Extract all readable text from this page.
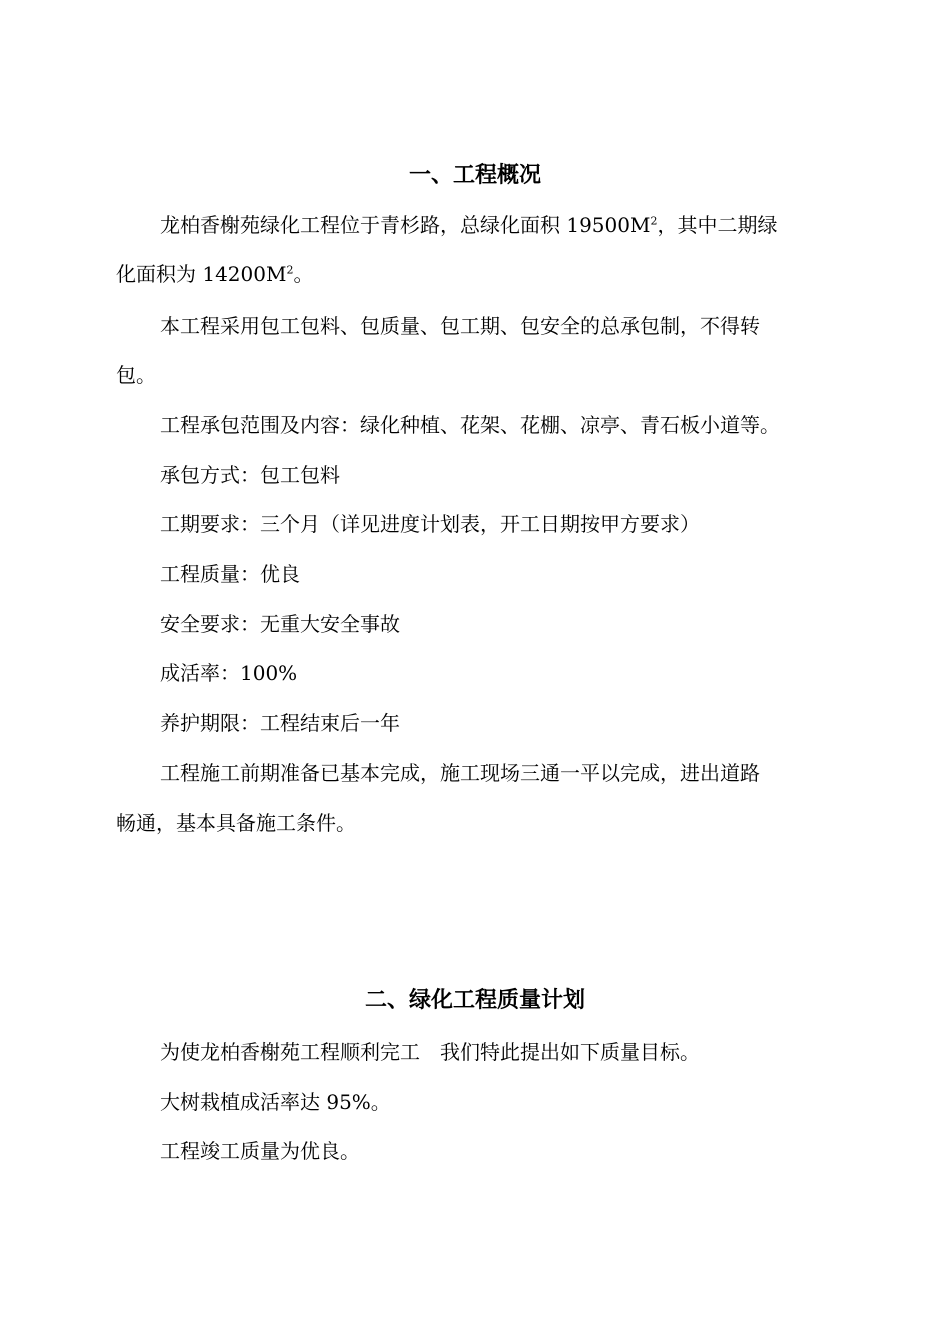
一、工程概况
龙柏香榭苑绿化工程位于青杉路，总绿化面积 $19500M^2$，其中二期绿
化面积为 $14200M^2$。
本工程采用包工包料、包质量、包工期、包安全的总承包制，不得转
包。
工程承包范围及内容：绿化种植、花架、花棚、凉亭、青石板小道等。
承包方式：包工包料
工期要求：三个月（详见进度计划表，开工日期按甲方要求）
工程质量：优良
安全要求：无重大安全事故
成活率：100%
养护期限：工程结束后一年
工程施工前期准备已基本完成，施工现场三通一平以完成，进出道路
畅通，基本具备施工条件。
二、绿化工程质量计划
为使龙柏香榭苑工程顺利完工　我们特此提出如下质量目标。
大树栽植成活率达 95%。
工程竣工质量为优良。
